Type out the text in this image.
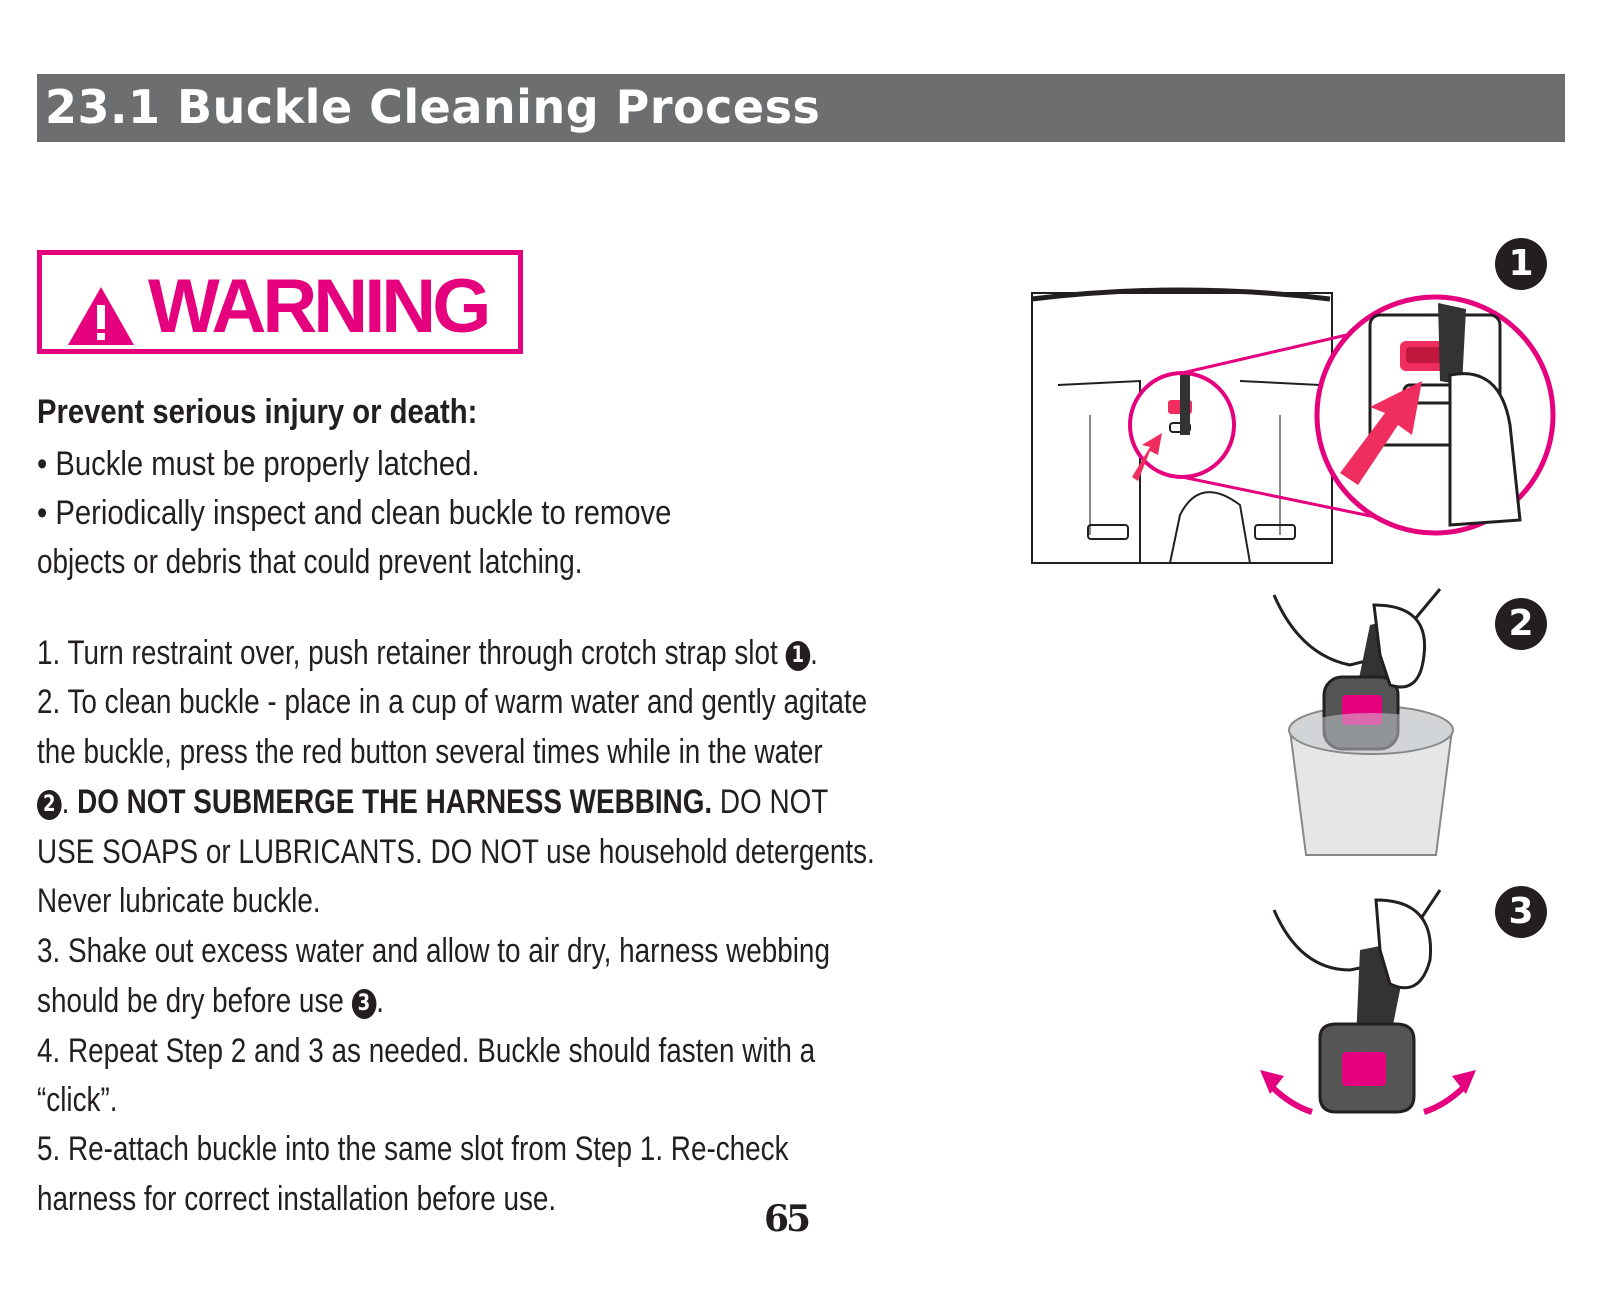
23.1 Buckle Cleaning Process
WARNING
Prevent serious injury or death:
• Buckle must be properly latched.
• Periodically inspect and clean buckle to remove
objects or debris that could prevent latching.
1. Turn restraint over, push retainer through crotch strap slot 1 .
2. To clean buckle - place in a cup of warm water and gently agitate
the buckle, press the red button several times while in the water
2 . DO NOT SUBMERGE THE HARNESS WEBBING. DO NOT
USE SOAPS or LUBRICANTS. DO NOT use household detergents.
Never lubricate buckle.
3. Shake out excess water and allow to air dry, harness webbing
should be dry before use 3 .
4. Repeat Step 2 and 3 as needed. Buckle should fasten with a
“click”.
5. Re-attach buckle into the same slot from Step 1. Re-check
harness for correct installation before use.	65
1
2
3
